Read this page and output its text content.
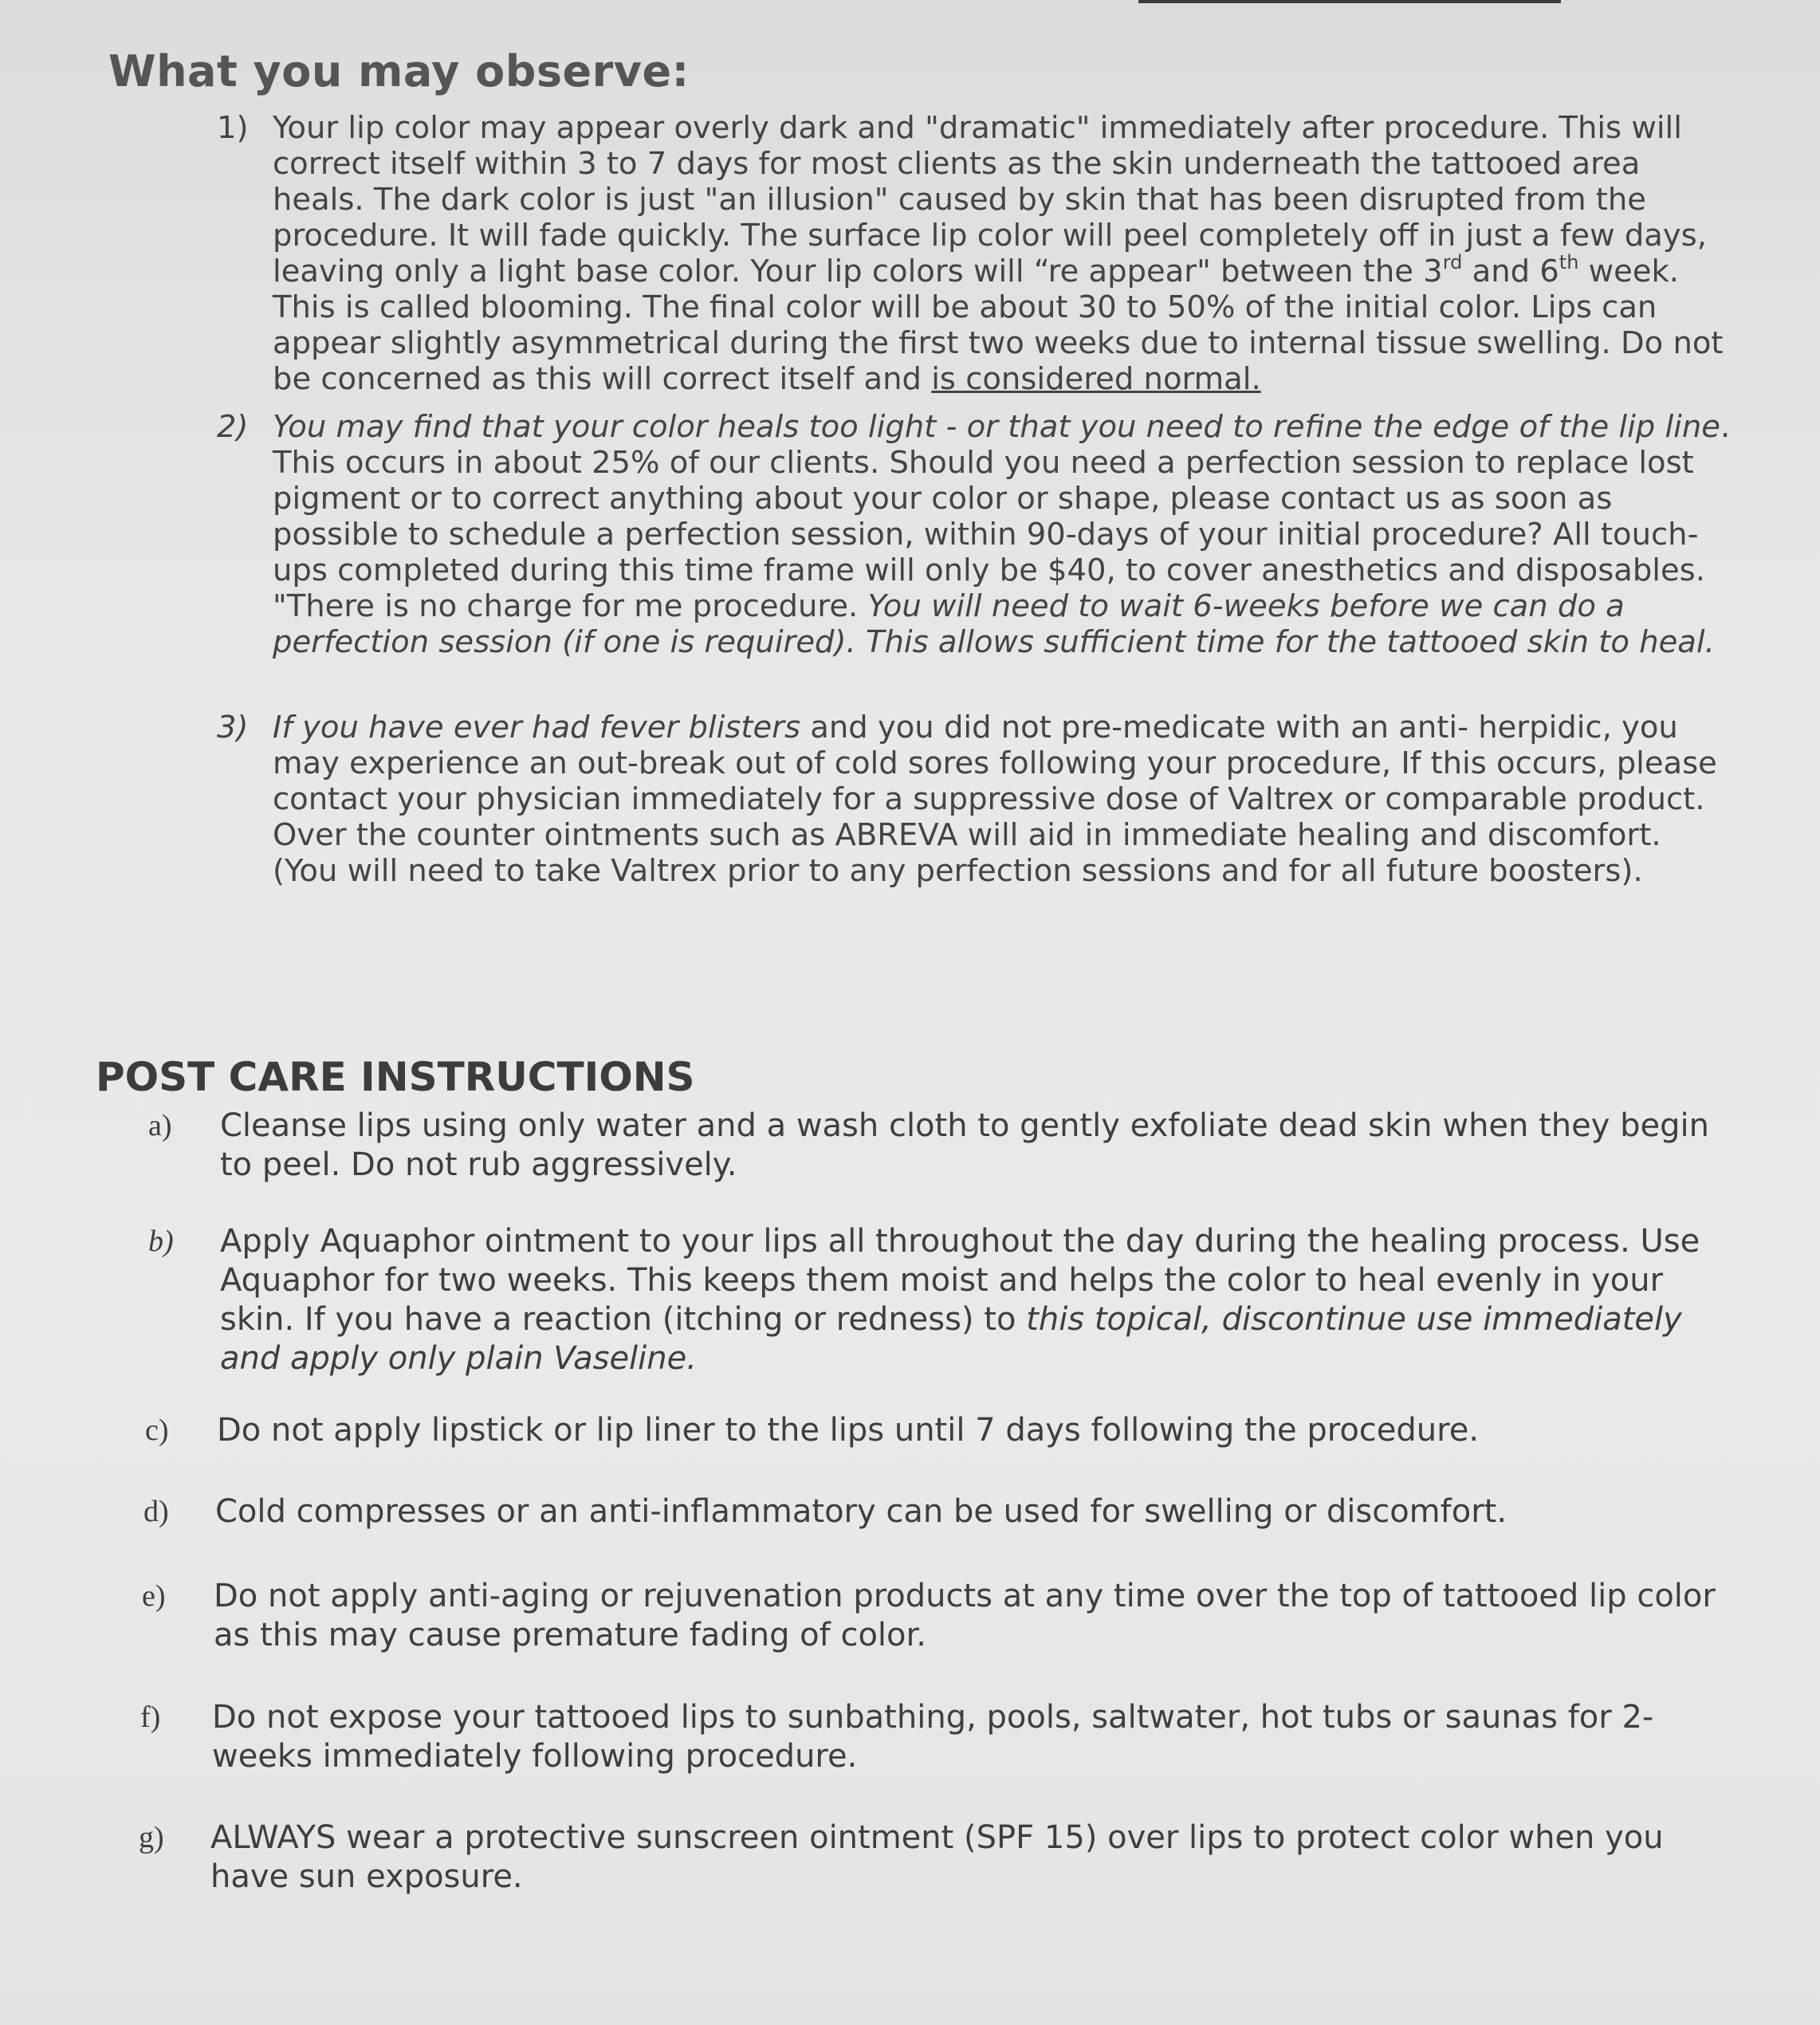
What you may observe:
1) Your lip color may appear overly dark and "dramatic" immediately after procedure. This will correct itself within 3 to 7 days for most clients as the skin underneath the tattooed area heals. The dark color is just "an illusion" caused by skin that has been disrupted from the procedure. It will fade quickly. The surface lip color will peel completely off in just a few days, leaving only a light base color. Your lip colors will “re appear" between the 3rd and 6th week. This is called blooming. The final color will be about 30 to 50% of the initial color. Lips can appear slightly asymmetrical during the first two weeks due to internal tissue swelling. Do not be concerned as this will correct itself and is considered normal.
2) You may find that your color heals too light - or that you need to refine the edge of the lip line. This occurs in about 25% of our clients. Should you need a perfection session to replace lost pigment or to correct anything about your color or shape, please contact us as soon as possible to schedule a perfection session, within 90-days of your initial procedure? All touch- ups completed during this time frame will only be $40, to cover anesthetics and disposables. "There is no charge for me procedure. You will need to wait 6-weeks before we can do a perfection session (if one is required). This allows sufficient time for the tattooed skin to heal.
3) If you have ever had fever blisters and you did not pre-medicate with an anti- herpidic, you may experience an out-break out of cold sores following your procedure, If this occurs, please contact your physician immediately for a suppressive dose of Valtrex or comparable product. Over the counter ointments such as ABREVA will aid in immediate healing and discomfort. (You will need to take Valtrex prior to any perfection sessions and for all future boosters).
POST CARE INSTRUCTIONS
a) Cleanse lips using only water and a wash cloth to gently exfoliate dead skin when they begin to peel. Do not rub aggressively.
b) Apply Aquaphor ointment to your lips all throughout the day during the healing process. Use Aquaphor for two weeks. This keeps them moist and helps the color to heal evenly in your skin. If you have a reaction (itching or redness) to this topical, discontinue use immediately and apply only plain Vaseline.
c) Do not apply lipstick or lip liner to the lips until 7 days following the procedure.
d) Cold compresses or an anti-inflammatory can be used for swelling or discomfort.
e) Do not apply anti-aging or rejuvenation products at any time over the top of tattooed lip color as this may cause premature fading of color.
f) Do not expose your tattooed lips to sunbathing, pools, saltwater, hot tubs or saunas for 2-weeks immediately following procedure.
g) ALWAYS wear a protective sunscreen ointment (SPF 15) over lips to protect color when you have sun exposure.
